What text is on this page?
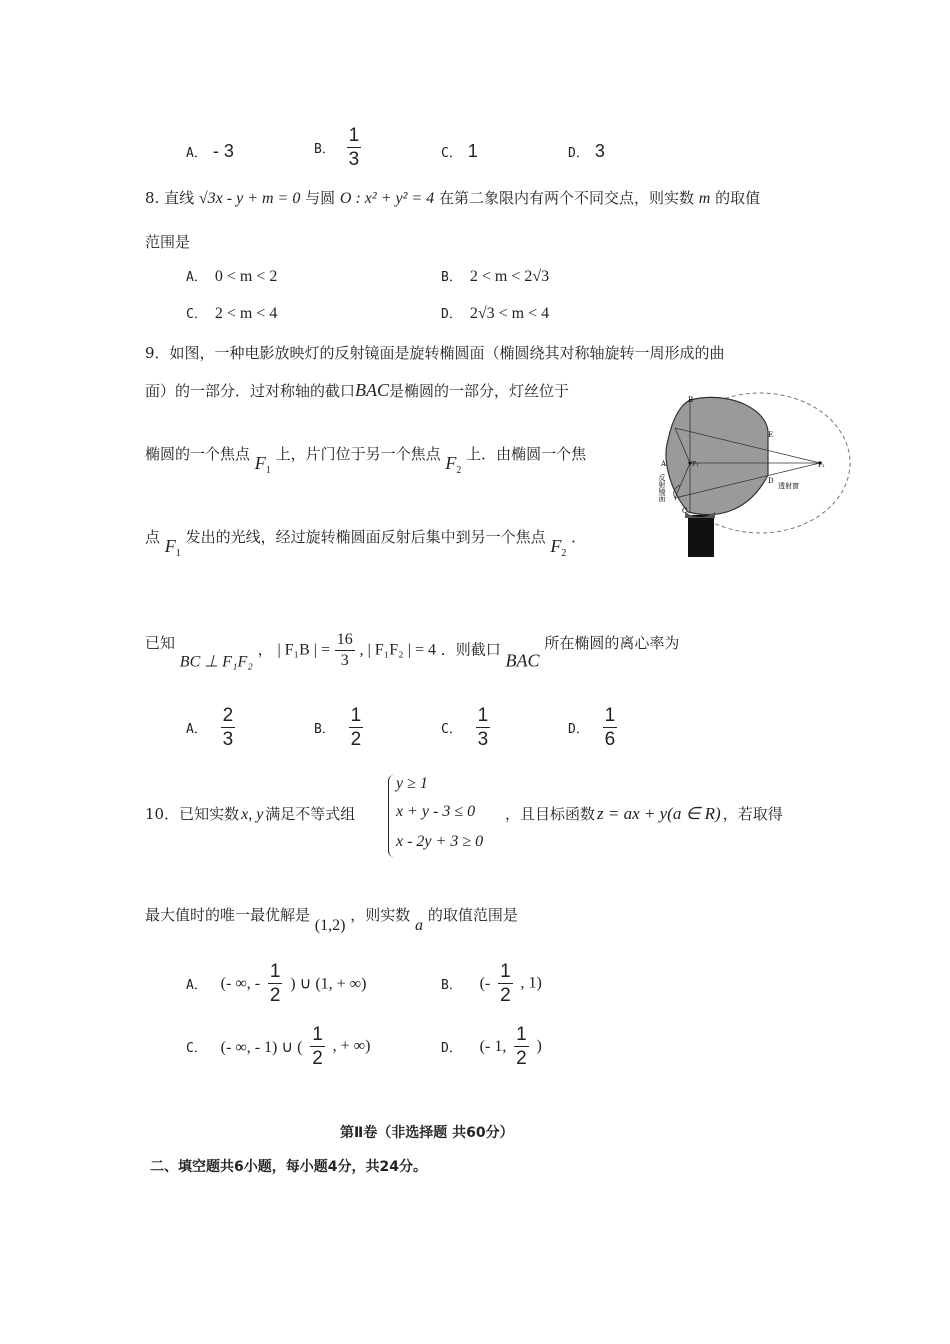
A． - 3	B． $\frac{1}{3}$	C． 1	D． 3
8. 直线 √3x - y + m = 0 与圆 O : x² + y² = 4 在第二象限内有两个不同交点，则实数 m 的取值
范围是
A． 0 < m < 2	B． 2 < m < 2√3
C． 2 < m < 4	D． 2√3 < m < 4
9．如图，一种电影放映灯的反射镜面是旋转椭圆面（椭圆绕其对称轴旋转一周形成的曲
面）的一部分．过对称轴的截口BAC是椭圆的一部分，灯丝位于
椭圆的一个焦点 $F_1$ 上，片门位于另一个焦点 $F_2$ 上．由椭圆一个焦
点 $F_1$ 发出的光线，经过旋转椭圆面反射后集中到另一个焦点 $F_2$ ．
已知 BC ⊥ F₁F₂ ， | F₁B | = $\frac{16}{3}$ , | F₁F₂ | = 4 ．则截口 BAC 所在椭圆的离心率为
A． $\frac{2}{3}$	B． $\frac{1}{2}$	C． $\frac{1}{3}$	D． $\frac{1}{6}$
B
A
C
E
D
F₁	F₂
透射窗
反射镜面
10．已知实数 x, y 满足不等式组
y ≥ 1
x + y - 3 ≤ 0
x - 2y + 3 ≥ 0
，且目标函数 z = ax + y(a ∈ R) ，若取得
最大值时的唯一最优解是 (1,2) ，则实数 a 的取值范围是
A． (- ∞, - $\frac{1}{2}$ ) ∪ (1, + ∞)	B． (- $\frac{1}{2}$ , 1)
C． (- ∞, - 1) ∪ ( $\frac{1}{2}$ , + ∞)	D． (- 1, $\frac{1}{2}$ )
第Ⅱ卷（非选择题 共60分）
二、填空题共6小题，每小题4分，共24分。
